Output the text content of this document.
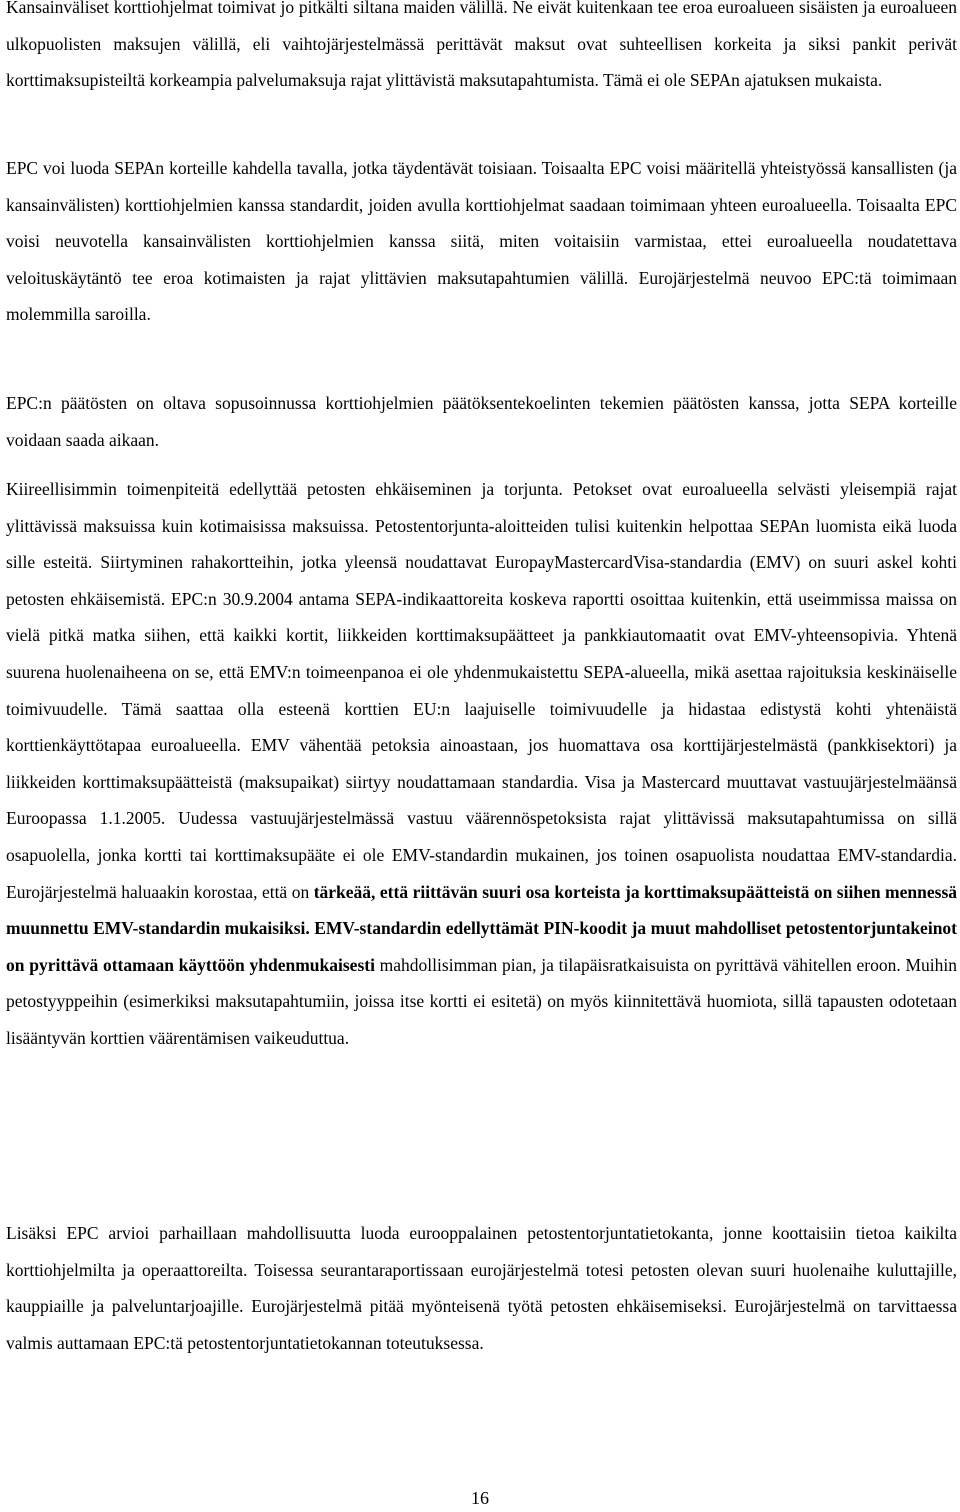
Kansainväliset korttiohjelmat toimivat jo pitkälti siltana maiden välillä. Ne eivät kuitenkaan tee eroa euroalueen sisäisten ja euroalueen ulkopuolisten maksujen välillä, eli vaihtojärjestelmässä perittävät maksut ovat suhteellisen korkeita ja siksi pankit perivät korttimaksupisteiltä korkeampia palvelumaksuja rajat ylittävistä maksutapahtumista. Tämä ei ole SEPAn ajatuksen mukaista.

EPC voi luoda SEPAn korteille kahdella tavalla, jotka täydentävät toisiaan. Toisaalta EPC voisi määritellä yhteistyössä kansallisten (ja kansainvälisten) korttiohjelmien kanssa standardit, joiden avulla korttiohjelmat saadaan toimimaan yhteen euroalueella. Toisaalta EPC voisi neuvotella kansainvälisten korttiohjelmien kanssa siitä, miten voitaisiin varmistaa, ettei euroalueella noudatettava veloituskäytäntö tee eroa kotimaisten ja rajat ylittävien maksutapahtumien välillä. Eurojärjestelmä neuvoo EPC:tä toimimaan molemmilla saroilla.

EPC:n päätösten on oltava sopusoinnussa korttiohjelmien päätöksentekoelinten tekemien päätösten kanssa, jotta SEPA korteille voidaan saada aikaan.

Kiireellisimmin toimenpiteitä edellyttää petosten ehkäiseminen ja torjunta. Petokset ovat euroalueella selvästi yleisempiä rajat ylittävissä maksuissa kuin kotimaisissa maksuissa. Petostentorjunta-aloitteiden tulisi kuitenkin helpottaa SEPAn luomista eikä luoda sille esteitä. Siirtyminen rahakortteihin, jotka yleensä noudattavat EuropayMastercardVisa-standardia (EMV) on suuri askel kohti petosten ehkäisemistä. EPC:n 30.9.2004 antama SEPA-indikaattoreita koskeva raportti osoittaa kuitenkin, että useimmissa maissa on vielä pitkä matka siihen, että kaikki kortit, liikkeiden korttimaksupäätteet ja pankkiautomaatit ovat EMV-yhteensopivia. Yhtenä suurena huolenaiheena on se, että EMV:n toimeenpanoa ei ole yhdenmukaistettu SEPA-alueella, mikä asettaa rajoituksia keskinäiselle toimivuudelle. Tämä saattaa olla esteenä korttien EU:n laajuiselle toimivuudelle ja hidastaa edistystä kohti yhtenäistä korttienkäyttötapaa euroalueella. EMV vähentää petoksia ainoastaan, jos huomattava osa korttijärjestelmästä (pankkisektori) ja liikkeiden korttimaksupäätteistä (maksupaikat) siirtyy noudattamaan standardia. Visa ja Mastercard muuttavat vastuujärjestelmäänsä Euroopassa 1.1.2005. Uudessa vastuujärjestelmässä vastuu väärennöspetoksista rajat ylittävissä maksutapahtumissa on sillä osapuolella, jonka kortti tai korttimaksupääte ei ole EMV-standardin mukainen, jos toinen osapuolista noudattaa EMV-standardia. Eurojärjestelmä haluaakin korostaa, että on tärkeää, että riittävän suuri osa korteista ja korttimaksupäätteistä on siihen mennessä muunnettu EMV-standardin mukaisiksi. EMV-standardin edellyttämät PIN-koodit ja muut mahdolliset petostentorjuntakeinot on pyrittävä ottamaan käyttöön yhdenmukaisesti mahdollisimman pian, ja tilapäisratkaisuista on pyrittävä vähitellen eroon. Muihin petostyyppeihin (esimerkiksi maksutapahtumiin, joissa itse kortti ei esitetä) on myös kiinnitettävä huomiota, sillä tapausten odotetaan lisääntyvän korttien väärentämisen vaikeuduttua.

Lisäksi EPC arvioi parhaillaan mahdollisuutta luoda eurooppalainen petostentorjuntatietokanta, jonne koottaisiin tietoa kaikilta korttiohjelmilta ja operaattoreilta. Toisessa seurantaraportissaan eurojärjestelmä totesi petosten olevan suuri huolenaihe kuluttajille, kauppiaille ja palveluntarjoajille. Eurojärjestelmä pitää myönteisenä työtä petosten ehkäisemiseksi. Eurojärjestelmä on tarvittaessa valmis auttamaan EPC:tä petostentorjuntatietokannan toteutuksessa.

16
